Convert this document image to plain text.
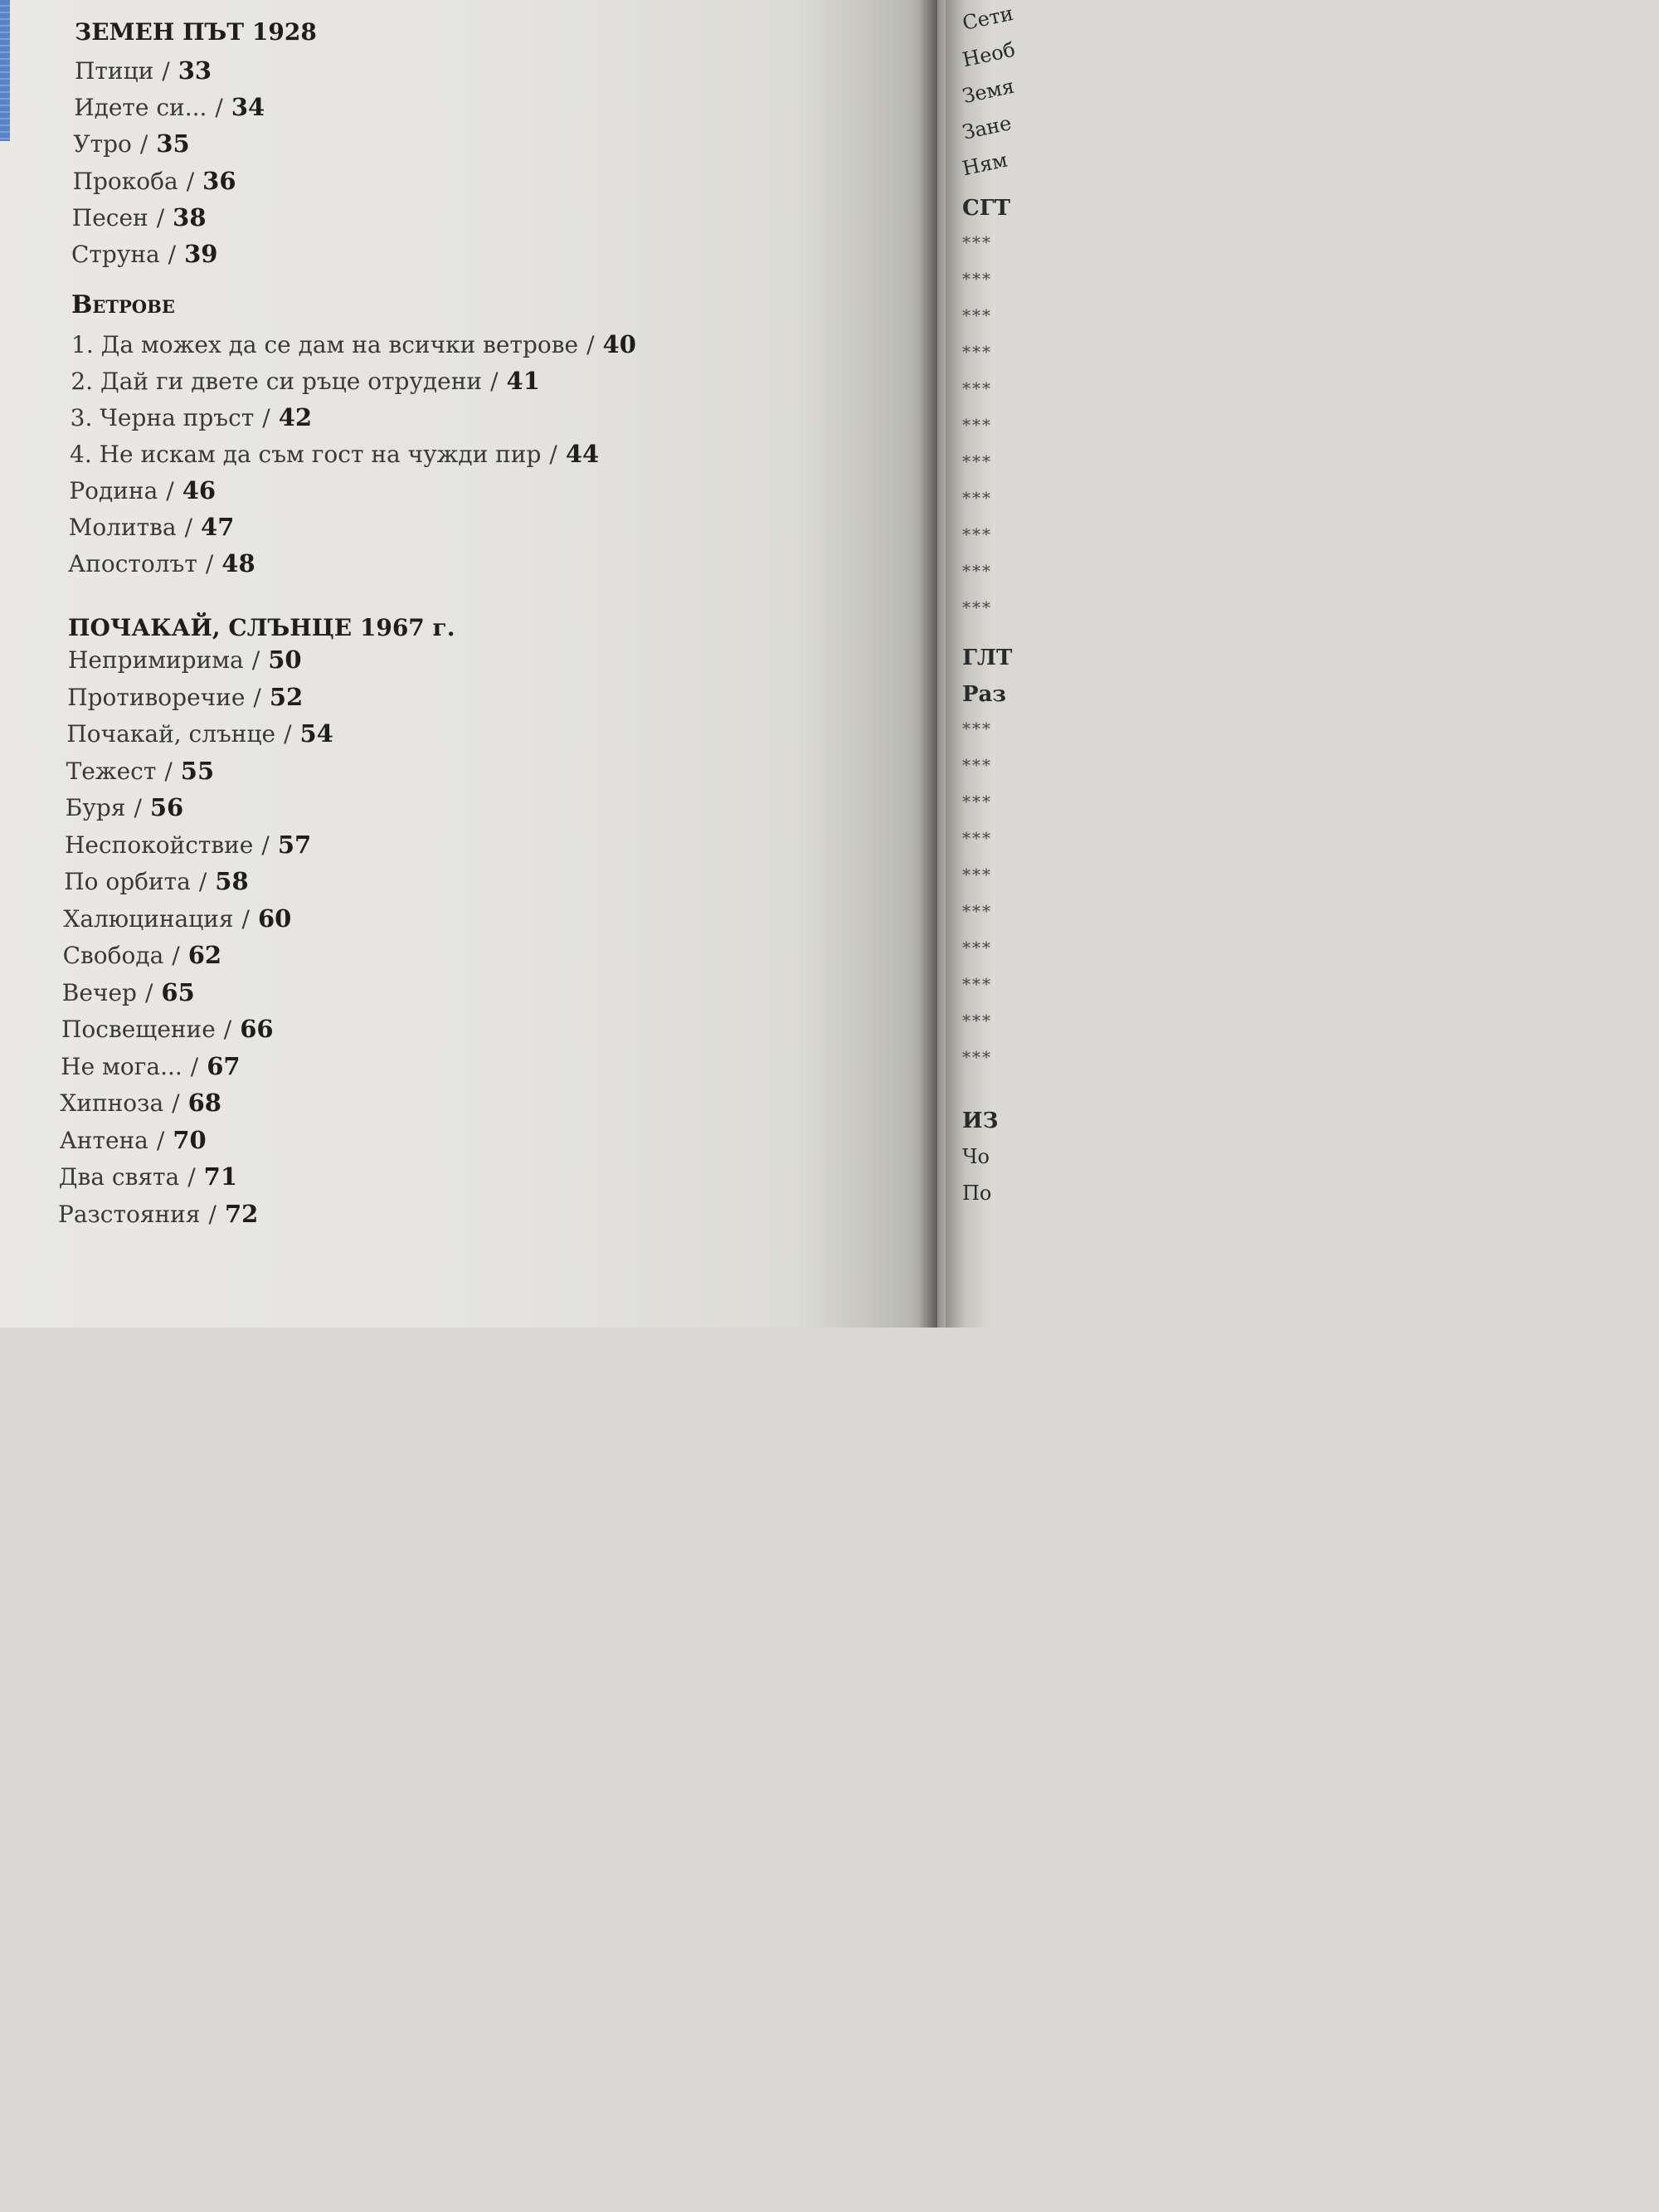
ЗЕМЕН ПЪТ 1928
Птици / 33
Идете си... / 34
Утро / 35
Прокоба / 36
Песен / 38
Струна / 39
Ветрове
1. Да можех да се дам на всички ветрове / 40
2. Дай ги двете си ръце отрудени / 41
3. Черна пръст / 42
4. Не искам да съм гост на чужди пир / 44
Родина / 46
Молитва / 47
Апостолът / 48
ПОЧАКАЙ, СЛЪНЦЕ 1967 г.
Непримирима / 50
Противоречие / 52
Почакай, слънце / 54
Тежест / 55
Буря / 56
Неспокойствие / 57
По орбита / 58
Халюцинация / 60
Свобода / 62
Вечер / 65
Посвещение / 66
Не мога... / 67
Хипноза / 68
Антена / 70
Два свята / 71
Разстояния / 72
Сети
Необ
Земя
Зане
Ням
СГТ
***
***
***
***
***
***
***
***
***
***
***
ГЛТ
Раз
***
***
***
***
***
***
***
***
***
***
ИЗ
Чо
По
